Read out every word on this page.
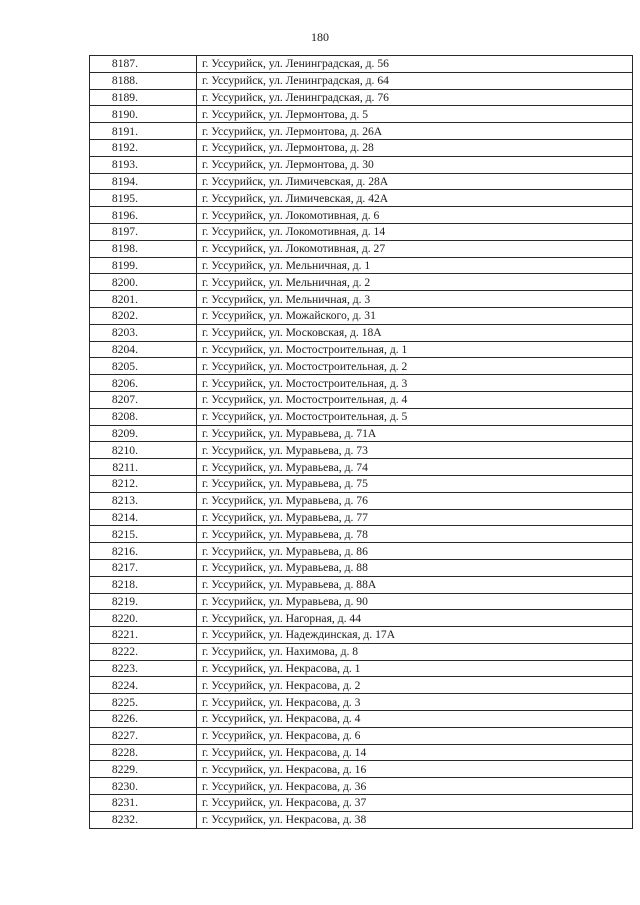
180
8187.	г. Уссурийск, ул. Ленинградская, д. 56
8188.	г. Уссурийск, ул. Ленинградская, д. 64
8189.	г. Уссурийск, ул. Ленинградская, д. 76
8190.	г. Уссурийск, ул. Лермонтова, д. 5
8191.	г. Уссурийск, ул. Лермонтова, д. 26А
8192.	г. Уссурийск, ул. Лермонтова, д. 28
8193.	г. Уссурийск, ул. Лермонтова, д. 30
8194.	г. Уссурийск, ул. Лимичевская, д. 28А
8195.	г. Уссурийск, ул. Лимичевская, д. 42А
8196.	г. Уссурийск, ул. Локомотивная, д. 6
8197.	г. Уссурийск, ул. Локомотивная, д. 14
8198.	г. Уссурийск, ул. Локомотивная, д. 27
8199.	г. Уссурийск, ул. Мельничная, д. 1
8200.	г. Уссурийск, ул. Мельничная, д. 2
8201.	г. Уссурийск, ул. Мельничная, д. 3
8202.	г. Уссурийск, ул. Можайского, д. 31
8203.	г. Уссурийск, ул. Московская, д. 18А
8204.	г. Уссурийск, ул. Мостостроительная, д. 1
8205.	г. Уссурийск, ул. Мостостроительная, д. 2
8206.	г. Уссурийск, ул. Мостостроительная, д. 3
8207.	г. Уссурийск, ул. Мостостроительная, д. 4
8208.	г. Уссурийск, ул. Мостостроительная, д. 5
8209.	г. Уссурийск, ул. Муравьева, д. 71А
8210.	г. Уссурийск, ул. Муравьева, д. 73
8211.	г. Уссурийск, ул. Муравьева, д. 74
8212.	г. Уссурийск, ул. Муравьева, д. 75
8213.	г. Уссурийск, ул. Муравьева, д. 76
8214.	г. Уссурийск, ул. Муравьева, д. 77
8215.	г. Уссурийск, ул. Муравьева, д. 78
8216.	г. Уссурийск, ул. Муравьева, д. 86
8217.	г. Уссурийск, ул. Муравьева, д. 88
8218.	г. Уссурийск, ул. Муравьева, д. 88А
8219.	г. Уссурийск, ул. Муравьева, д. 90
8220.	г. Уссурийск, ул. Нагорная, д. 44
8221.	г. Уссурийск, ул. Надеждинская, д. 17А
8222.	г. Уссурийск, ул. Нахимова, д. 8
8223.	г. Уссурийск, ул. Некрасова, д. 1
8224.	г. Уссурийск, ул. Некрасова, д. 2
8225.	г. Уссурийск, ул. Некрасова, д. 3
8226.	г. Уссурийск, ул. Некрасова, д. 4
8227.	г. Уссурийск, ул. Некрасова, д. 6
8228.	г. Уссурийск, ул. Некрасова, д. 14
8229.	г. Уссурийск, ул. Некрасова, д. 16
8230.	г. Уссурийск, ул. Некрасова, д. 36
8231.	г. Уссурийск, ул. Некрасова, д. 37
8232.	г. Уссурийск, ул. Некрасова, д. 38
